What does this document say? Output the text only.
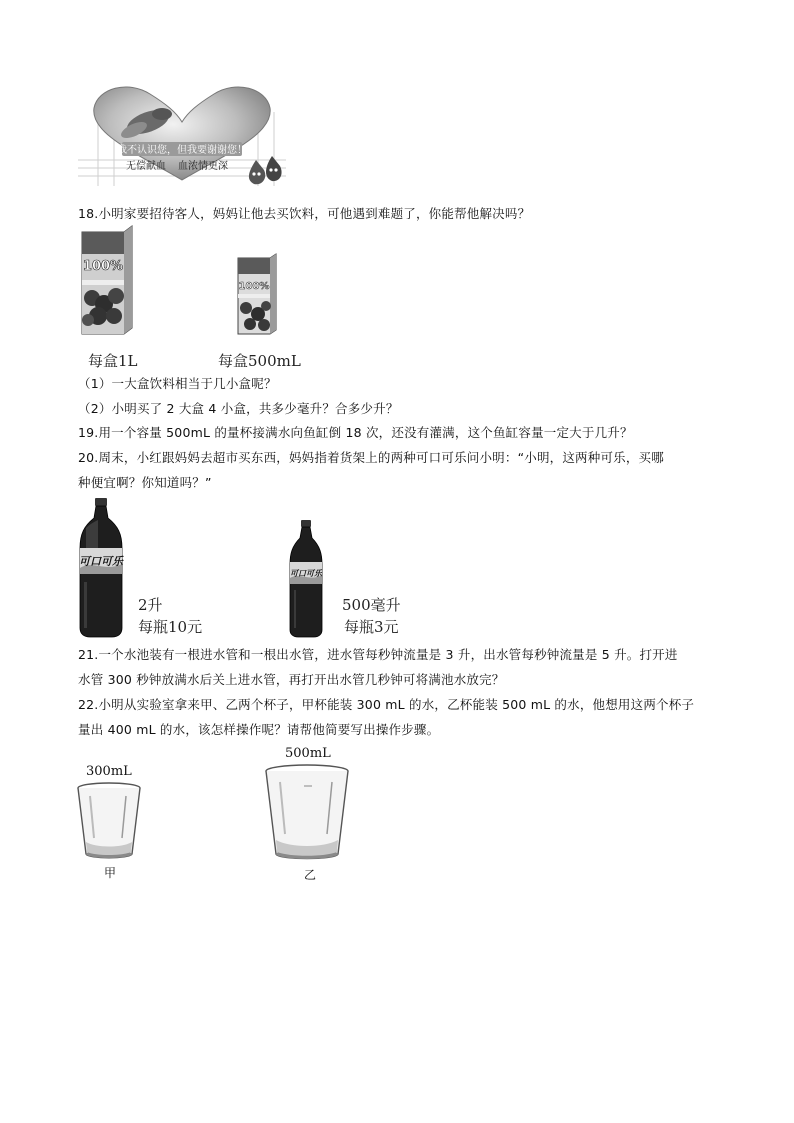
我不认识您，但我要谢谢您！
无偿献血 血浓情更深
18.小明家要招待客人，妈妈让他去买饮料，可他遇到难题了，你能帮他解决吗？
100%
100%
每盒1L	每盒500mL
（1）一大盒饮料相当于几小盒呢？
（2）小明买了 2 大盒 4 小盒，共多少毫升？合多少升？
19.用一个容量 500mL 的量杯接满水向鱼缸倒 18 次，还没有灌满，这个鱼缸容量一定大于几升？
20.周末，小红跟妈妈去超市买东西，妈妈指着货架上的两种可口可乐问小明：“小明，这两种可乐，买哪
种便宜啊？你知道吗？”
可口可乐
2升
每瓶10元
可口可乐
500毫升
每瓶3元
21.一个水池装有一根进水管和一根出水管，进水管每秒钟流量是 3 升，出水管每秒钟流量是 5 升。打开进
水管 300 秒钟放满水后关上进水管，再打开出水管几秒钟可将满池水放完？
22.小明从实验室拿来甲、乙两个杯子，甲杯能装 300 mL 的水，乙杯能装 500 mL 的水，他想用这两个杯子
量出 400 mL 的水，该怎样操作呢？请帮他简要写出操作步骤。
500mL
300mL
甲	乙
